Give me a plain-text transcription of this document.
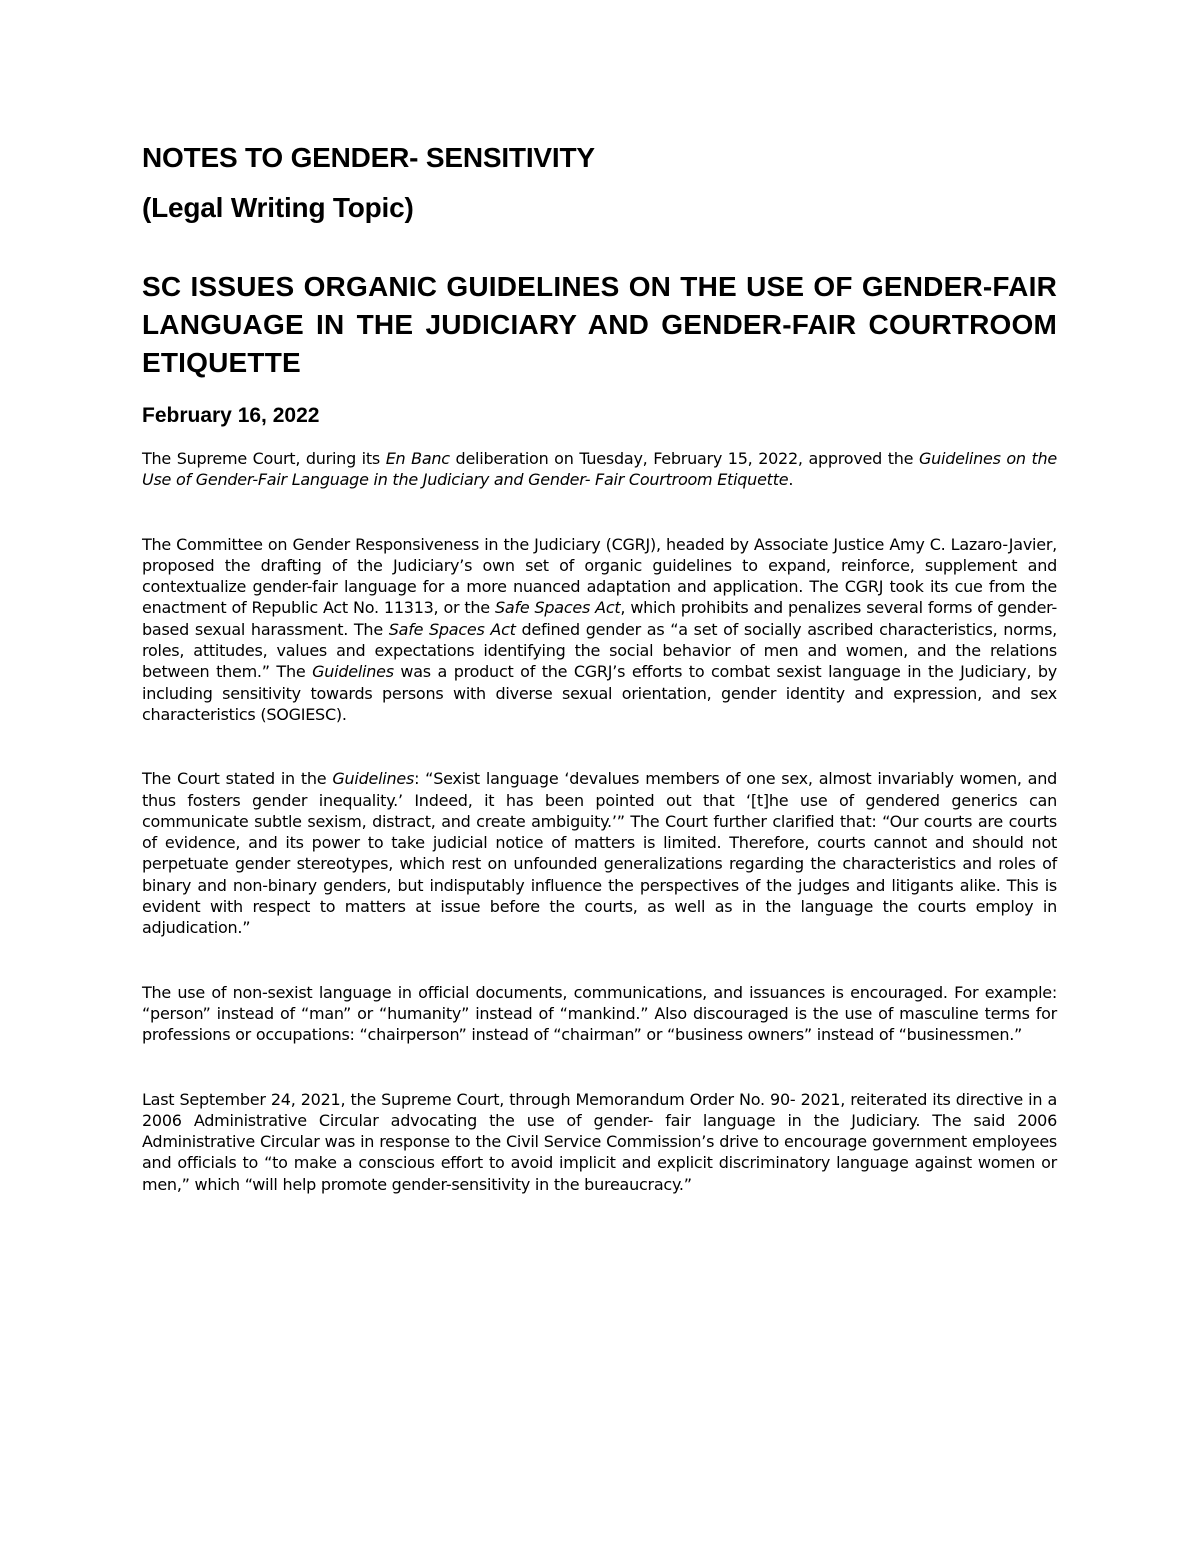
NOTES TO GENDER- SENSITIVITY
(Legal Writing Topic)
SC ISSUES ORGANIC GUIDELINES ON THE USE OF GENDER-FAIR LANGUAGE IN THE JUDICIARY AND GENDER-FAIR COURTROOM ETIQUETTE
February 16, 2022

The Supreme Court, during its En Banc deliberation on Tuesday, February 15, 2022, approved the Guidelines on the Use of Gender-Fair Language in the Judiciary and Gender- Fair Courtroom Etiquette.

The Committee on Gender Responsiveness in the Judiciary (CGRJ), headed by Associate Justice Amy C. Lazaro-Javier, proposed the drafting of the Judiciary’s own set of organic guidelines to expand, reinforce, supplement and contextualize gender-fair language for a more nuanced adaptation and application. The CGRJ took its cue from the enactment of Republic Act No. 11313, or the Safe Spaces Act, which prohibits and penalizes several forms of gender-based sexual harassment. The Safe Spaces Act defined gender as “a set of socially ascribed characteristics, norms, roles, attitudes, values and expectations identifying the social behavior of men and women, and the relations between them.” The Guidelines was a product of the CGRJ’s efforts to combat sexist language in the Judiciary, by including sensitivity towards persons with diverse sexual orientation, gender identity and expression, and sex characteristics (SOGIESC).

The Court stated in the Guidelines: “Sexist language ‘devalues members of one sex, almost invariably women, and thus fosters gender inequality.’ Indeed, it has been pointed out that ‘[t]he use of gendered generics can communicate subtle sexism, distract, and create ambiguity.’” The Court further clarified that: “Our courts are courts of evidence, and its power to take judicial notice of matters is limited. Therefore, courts cannot and should not perpetuate gender stereotypes, which rest on unfounded generalizations regarding the characteristics and roles of binary and non-binary genders, but indisputably influence the perspectives of the judges and litigants alike. This is evident with respect to matters at issue before the courts, as well as in the language the courts employ in adjudication.”

The use of non-sexist language in official documents, communications, and issuances is encouraged. For example: “person” instead of “man” or “humanity” instead of “mankind.” Also discouraged is the use of masculine terms for professions or occupations: “chairperson” instead of “chairman” or “business owners” instead of “businessmen.”

Last September 24, 2021, the Supreme Court, through Memorandum Order No. 90- 2021, reiterated its directive in a 2006 Administrative Circular advocating the use of gender- fair language in the Judiciary. The said 2006 Administrative Circular was in response to the Civil Service Commission’s drive to encourage government employees and officials to “to make a conscious effort to avoid implicit and explicit discriminatory language against women or men,” which “will help promote gender-sensitivity in the bureaucracy.”
